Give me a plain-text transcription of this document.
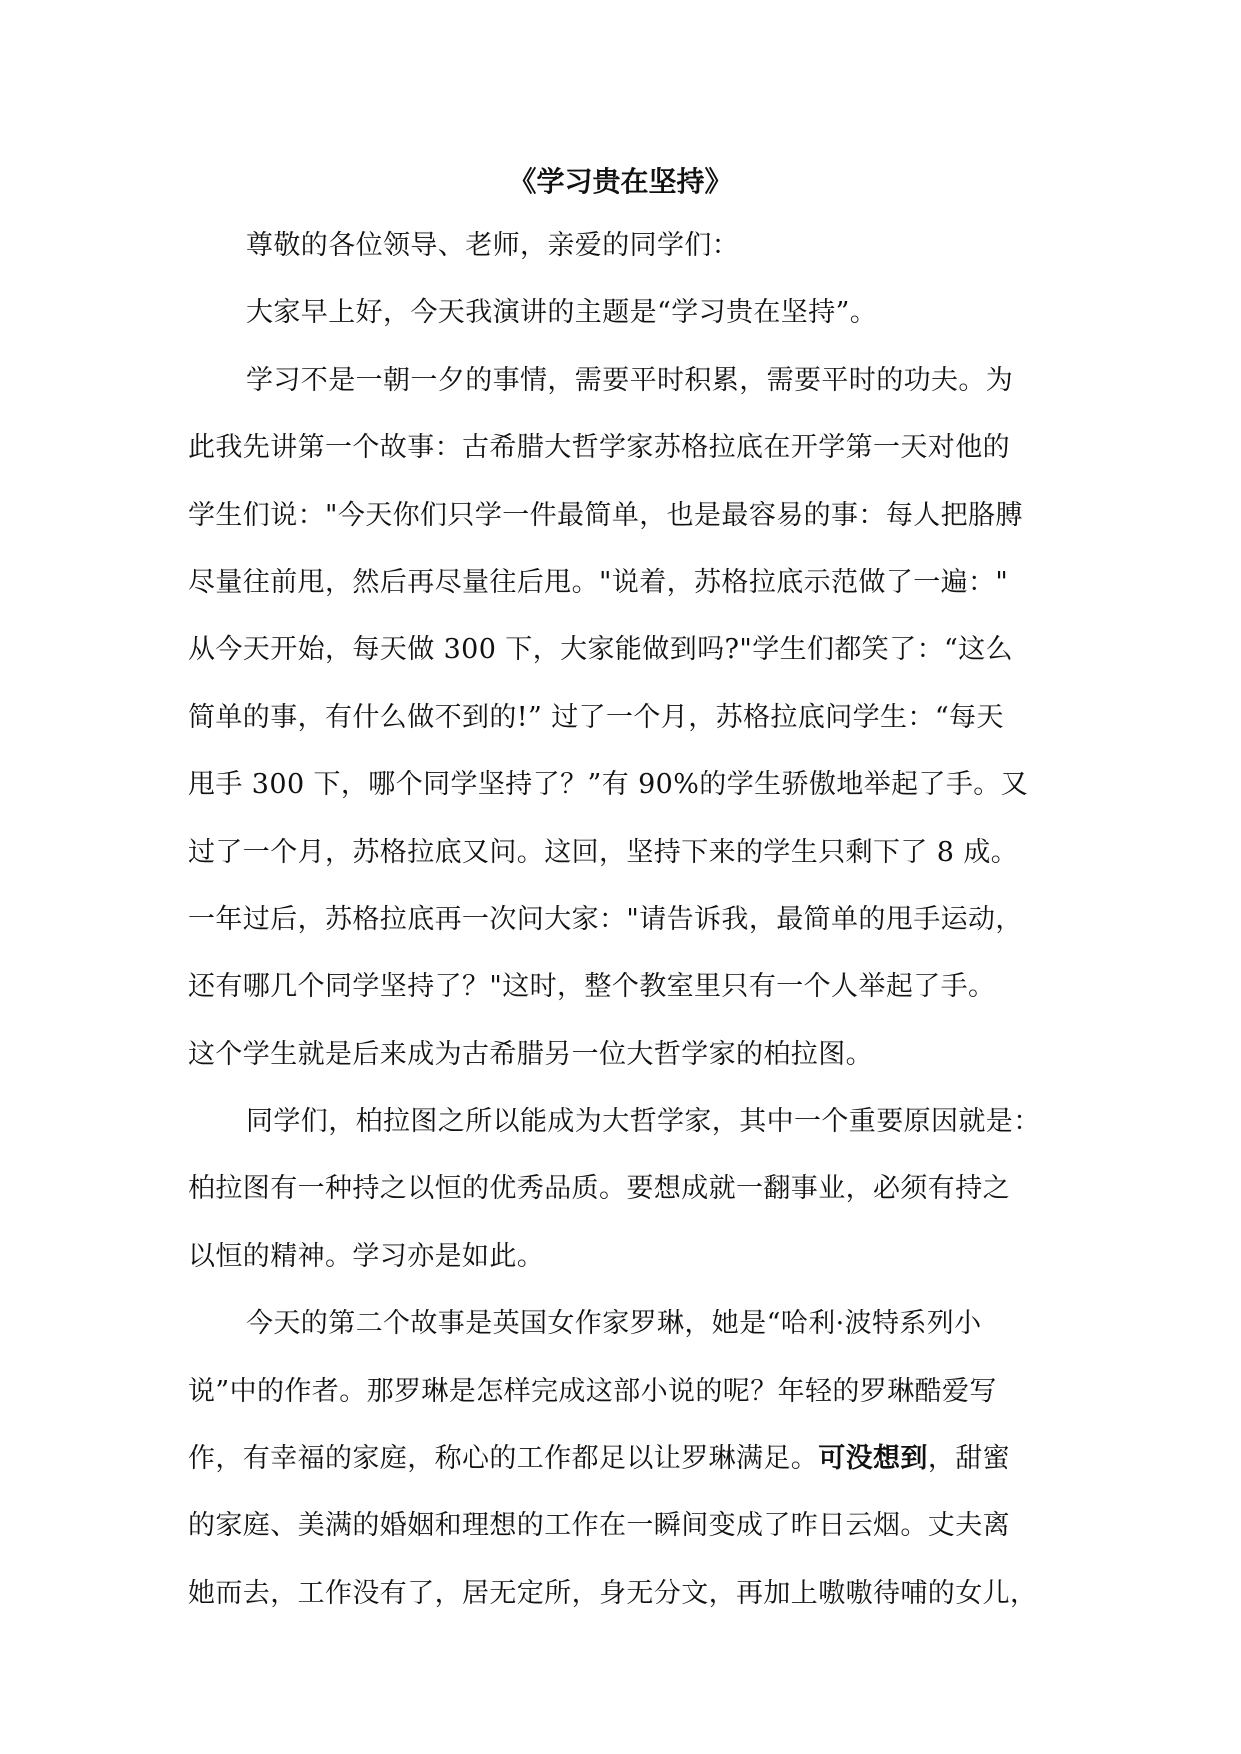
《学习贵在坚持》
尊敬的各位领导、老师，亲爱的同学们：
大家早上好，今天我演讲的主题是“学习贵在坚持”。
学习不是一朝一夕的事情，需要平时积累，需要平时的功夫。为
此我先讲第一个故事：古希腊大哲学家苏格拉底在开学第一天对他的
学生们说："今天你们只学一件最简单，也是最容易的事：每人把胳膊
尽量往前甩，然后再尽量往后甩。"说着，苏格拉底示范做了一遍："
从今天开始，每天做 300 下，大家能做到吗?"学生们都笑了：“这么
简单的事，有什么做不到的!” 过了一个月，苏格拉底问学生：“每天
甩手 300 下，哪个同学坚持了？”有 90%的学生骄傲地举起了手。又
过了一个月，苏格拉底又问。这回，坚持下来的学生只剩下了 8 成。
一年过后，苏格拉底再一次问大家："请告诉我，最简单的甩手运动，
还有哪几个同学坚持了？"这时，整个教室里只有一个人举起了手。
这个学生就是后来成为古希腊另一位大哲学家的柏拉图。
同学们，柏拉图之所以能成为大哲学家，其中一个重要原因就是：
柏拉图有一种持之以恒的优秀品质。要想成就一翻事业，必须有持之
以恒的精神。学习亦是如此。
今天的第二个故事是英国女作家罗琳，她是“哈利·波特系列小
说”中的作者。那罗琳是怎样完成这部小说的呢？年轻的罗琳酷爱写
作，有幸福的家庭，称心的工作都足以让罗琳满足。可没想到，甜蜜
的家庭、美满的婚姻和理想的工作在一瞬间变成了昨日云烟。丈夫离
她而去，工作没有了，居无定所，身无分文，再加上嗷嗷待哺的女儿，
